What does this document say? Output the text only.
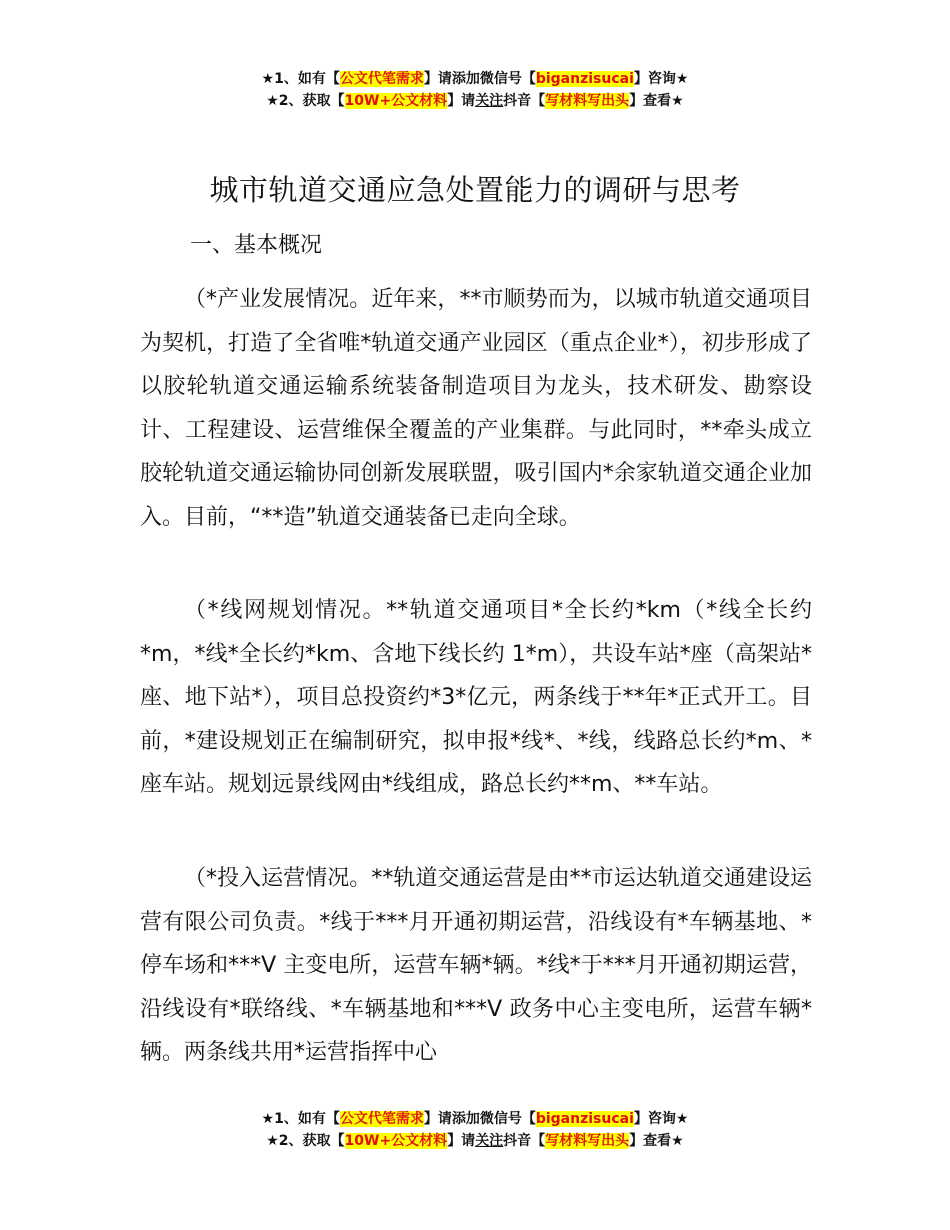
★1、如有【公文代笔需求】请添加微信号【biganzisucai】咨询★
★2、获取【10W+公文材料】请关注抖音【写材料写出头】查看★
城市轨道交通应急处置能力的调研与思考
一、基本概况

（*产业发展情况。近年来，**市顺势而为，以城市轨道交通项目为契机，打造了全省唯*轨道交通产业园区（重点企业*），初步形成了以胶轮轨道交通运输系统装备制造项目为龙头，技术研发、勘察设计、工程建设、运营维保全覆盖的产业集群。与此同时，**牵头成立胶轮轨道交通运输协同创新发展联盟，吸引国内*余家轨道交通企业加入。目前，“**造”轨道交通装备已走向全球。

（*线网规划情况。**轨道交通项目*全长约*km（*线全长约*m，*线*全长约*km、含地下线长约 1*m），共设车站*座（高架站*座、地下站*），项目总投资约*3*亿元，两条线于**年*正式开工。目前，*建设规划正在编制研究，拟申报*线*、*线，线路总长约*m、*座车站。规划远景线网由*线组成，路总长约**m、**车站。

（*投入运营情况。**轨道交通运营是由**市运达轨道交通建设运营有限公司负责。*线于***月开通初期运营，沿线设有*车辆基地、*停车场和***V 主变电所，运营车辆*辆。*线*于***月开通初期运营，沿线设有*联络线、*车辆基地和***V 政务中心主变电所，运营车辆*辆。两条线共用*运营指挥中心

★1、如有【公文代笔需求】请添加微信号【biganzisucai】咨询★
★2、获取【10W+公文材料】请关注抖音【写材料写出头】查看★
